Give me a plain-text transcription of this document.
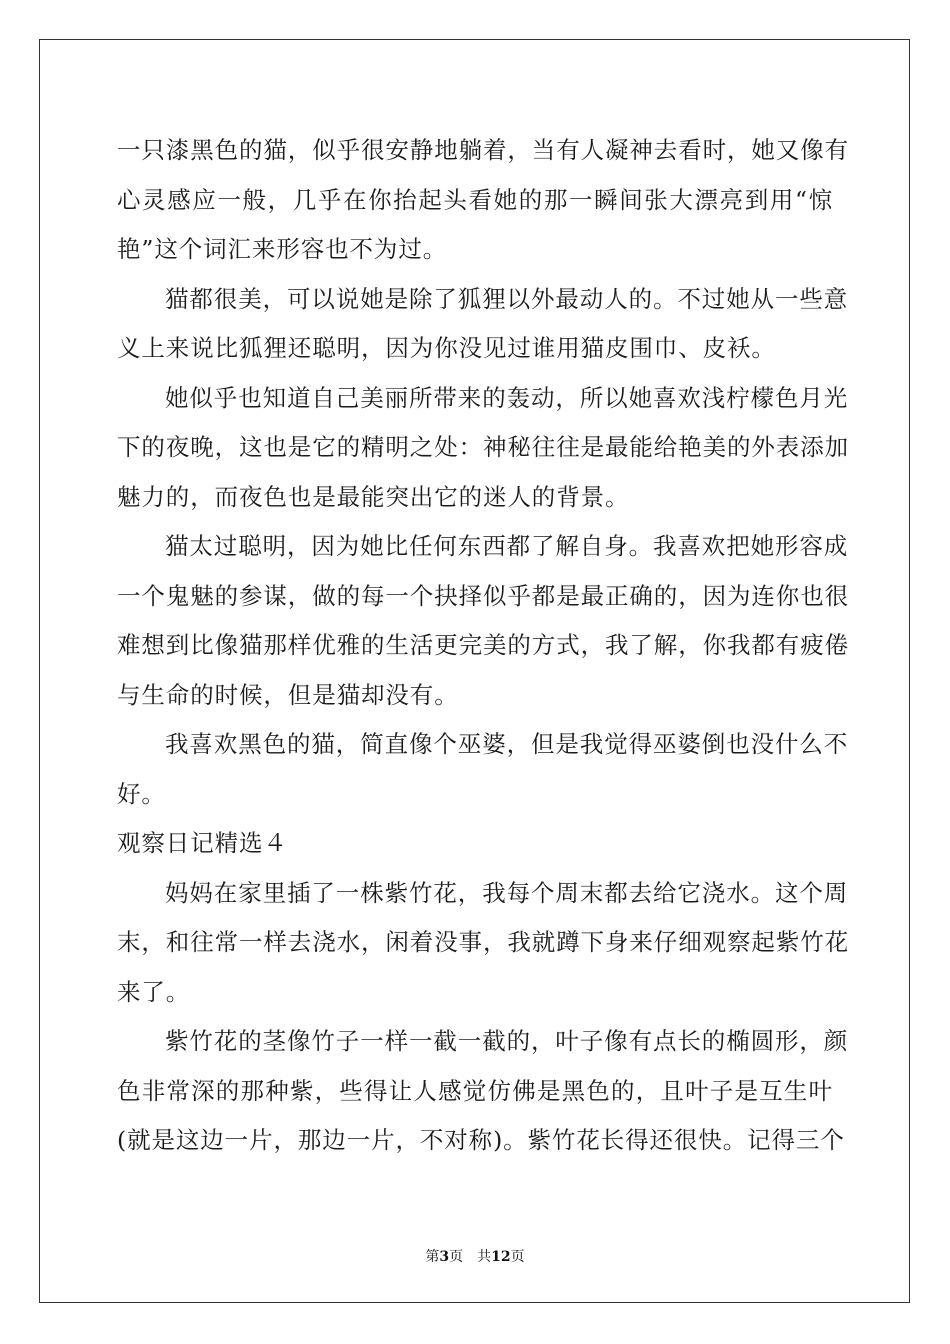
一只漆黑色的猫，似乎很安静地躺着，当有人凝神去看时，她又像有
心灵感应一般，几乎在你抬起头看她的那一瞬间张大漂亮到用“惊
艳”这个词汇来形容也不为过。
猫都很美，可以说她是除了狐狸以外最动人的。不过她从一些意
义上来说比狐狸还聪明，因为你没见过谁用猫皮围巾、皮袄。
她似乎也知道自己美丽所带来的轰动，所以她喜欢浅柠檬色月光
下的夜晚，这也是它的精明之处：神秘往往是最能给艳美的外表添加
魅力的，而夜色也是最能突出它的迷人的背景。
猫太过聪明，因为她比任何东西都了解自身。我喜欢把她形容成
一个鬼魅的参谋，做的每一个抉择似乎都是最正确的，因为连你也很
难想到比像猫那样优雅的生活更完美的方式，我了解，你我都有疲倦
与生命的时候，但是猫却没有。
我喜欢黑色的猫，简直像个巫婆，但是我觉得巫婆倒也没什么不
好。
观察日记精选４
妈妈在家里插了一株紫竹花，我每个周末都去给它浇水。这个周
末，和往常一样去浇水，闲着没事，我就蹲下身来仔细观察起紫竹花
来了。
紫竹花的茎像竹子一样一截一截的，叶子像有点长的椭圆形，颜
色非常深的那种紫，些得让人感觉仿佛是黑色的，且叶子是互生叶
(就是这边一片，那边一片，不对称)。紫竹花长得还很快。记得三个
第3页 共12页
